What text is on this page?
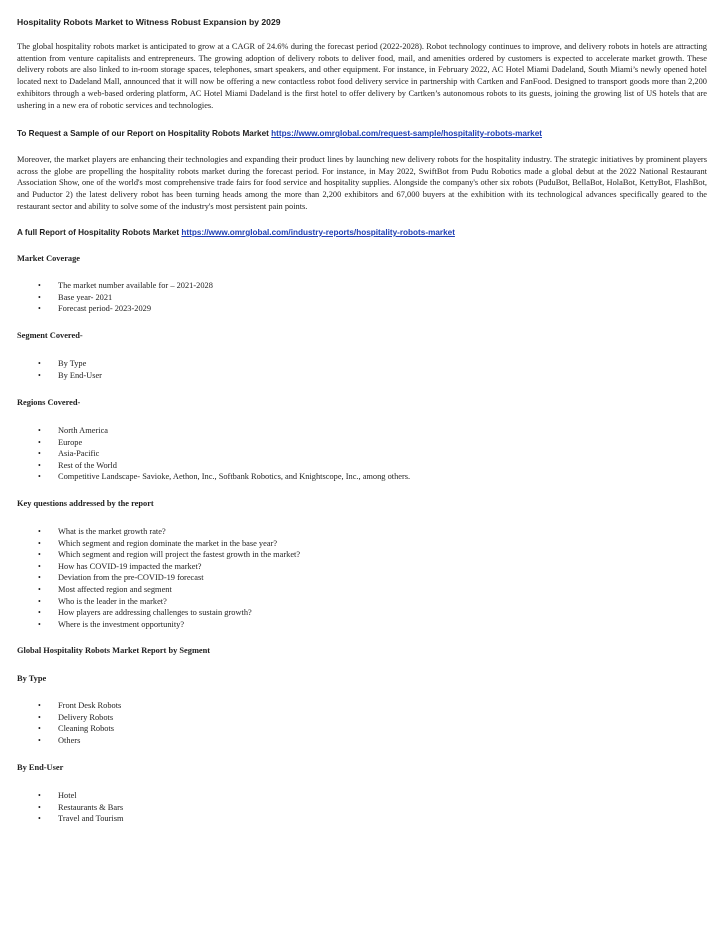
Hospitality Robots Market to Witness Robust Expansion by 2029

The global hospitality robots market is anticipated to grow at a CAGR of 24.6% during the forecast period (2022-2028). Robot technology continues to improve, and delivery robots in hotels are attracting attention from venture capitalists and entrepreneurs. The growing adoption of delivery robots to deliver food, mail, and amenities ordered by customers is expected to accelerate market growth. These delivery robots are also linked to in-room storage spaces, telephones, smart speakers, and other equipment. For instance, in February 2022, AC Hotel Miami Dadeland, South Miami’s newly opened hotel located next to Dadeland Mall, announced that it will now be offering a new contactless robot food delivery service in partnership with Cartken and FanFood. Designed to transport goods more than 2,200 exhibitors through a web-based ordering platform, AC Hotel Miami Dadeland is the first hotel to offer delivery by Cartken’s autonomous robots to its guests, joining the growing list of US hotels that are ushering in a new era of robotic services and technologies.

To Request a Sample of our Report on Hospitality Robots Market https://www.omrglobal.com/request-sample/hospitality-robots-market

Moreover, the market players are enhancing their technologies and expanding their product lines by launching new delivery robots for the hospitality industry. The strategic initiatives by prominent players across the globe are propelling the hospitality robots market during the forecast period. For instance, in May 2022, SwiftBot from Pudu Robotics made a global debut at the 2022 National Restaurant Association Show, one of the world's most comprehensive trade fairs for food service and hospitality supplies. Alongside the company's other six robots (PuduBot, BellaBot, HolaBot, KettyBot, FlashBot, and Puductor 2) the latest delivery robot has been turning heads among the more than 2,200 exhibitors and 67,000 buyers at the exhibition with its technological advances specifically geared to the restaurant sector and ability to solve some of the industry's most persistent pain points.

A full Report of Hospitality Robots Market https://www.omrglobal.com/industry-reports/hospitality-robots-market
Market Coverage
• The market number available for – 2021-2028
• Base year- 2021
• Forecast period- 2023-2029
Segment Covered-
• By Type
• By End-User
Regions Covered-
• North America
• Europe
• Asia-Pacific
• Rest of the World
• Competitive Landscape- Savioke, Aethon, Inc., Softbank Robotics, and Knightscope, Inc., among others.
Key questions addressed by the report
• What is the market growth rate?
• Which segment and region dominate the market in the base year?
• Which segment and region will project the fastest growth in the market?
• How has COVID-19 impacted the market?
• Deviation from the pre-COVID-19 forecast
• Most affected region and segment
• Who is the leader in the market?
• How players are addressing challenges to sustain growth?
• Where is the investment opportunity?
Global Hospitality Robots Market Report by Segment
By Type
• Front Desk Robots
• Delivery Robots
• Cleaning Robots
• Others
By End-User
• Hotel
• Restaurants & Bars
• Travel and Tourism
